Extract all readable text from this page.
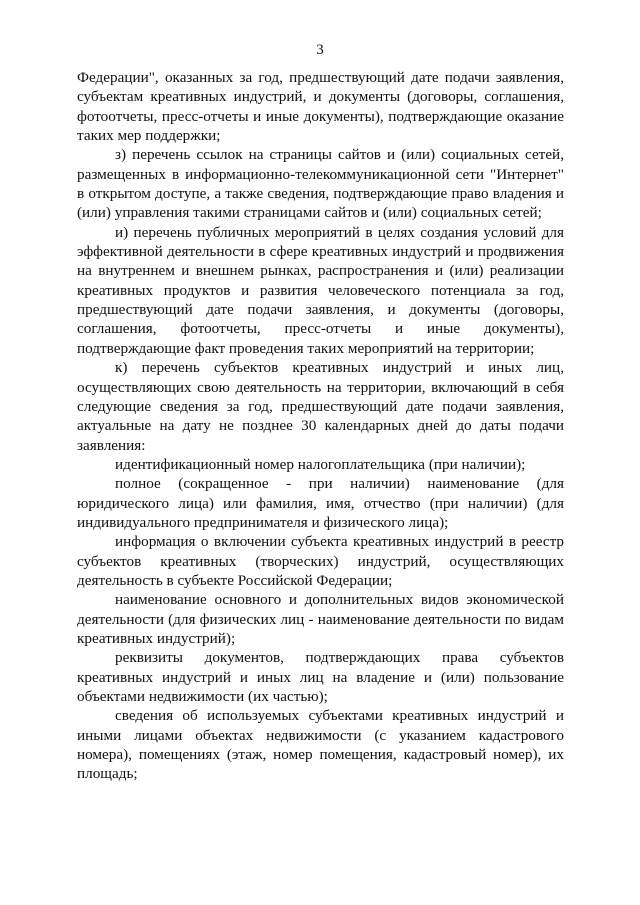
3

Федерации", оказанных за год, предшествующий дате подачи заявления, субъектам креативных индустрий, и документы (договоры, соглашения, фотоотчеты, пресс-отчеты и иные документы), подтверждающие оказание таких мер поддержки;

з) перечень ссылок на страницы сайтов и (или) социальных сетей, размещенных в информационно-телекоммуникационной сети "Интернет" в открытом доступе, а также сведения, подтверждающие право владения и (или) управления такими страницами сайтов и (или) социальных сетей;

и) перечень публичных мероприятий в целях создания условий для эффективной деятельности в сфере креативных индустрий и продвижения на внутреннем и внешнем рынках, распространения и (или) реализации креативных продуктов и развития человеческого потенциала за год, предшествующий дате подачи заявления, и документы (договоры, соглашения, фотоотчеты, пресс-отчеты и иные документы), подтверждающие факт проведения таких мероприятий на территории;

к) перечень субъектов креативных индустрий и иных лиц, осуществляющих свою деятельность на территории, включающий в себя следующие сведения за год, предшествующий дате подачи заявления, актуальные на дату не позднее 30 календарных дней до даты подачи заявления:

идентификационный номер налогоплательщика (при наличии);

полное (сокращенное - при наличии) наименование (для юридического лица) или фамилия, имя, отчество (при наличии) (для индивидуального предпринимателя и физического лица);

информация о включении субъекта креативных индустрий в реестр субъектов креативных (творческих) индустрий, осуществляющих деятельность в субъекте Российской Федерации;

наименование основного и дополнительных видов экономической деятельности (для физических лиц - наименование деятельности по видам креативных индустрий);

реквизиты документов, подтверждающих права субъектов креативных индустрий и иных лиц на владение и (или) пользование объектами недвижимости (их частью);

сведения об используемых субъектами креативных индустрий и иными лицами объектах недвижимости (с указанием кадастрового номера), помещениях (этаж, номер помещения, кадастровый номер), их площадь;
